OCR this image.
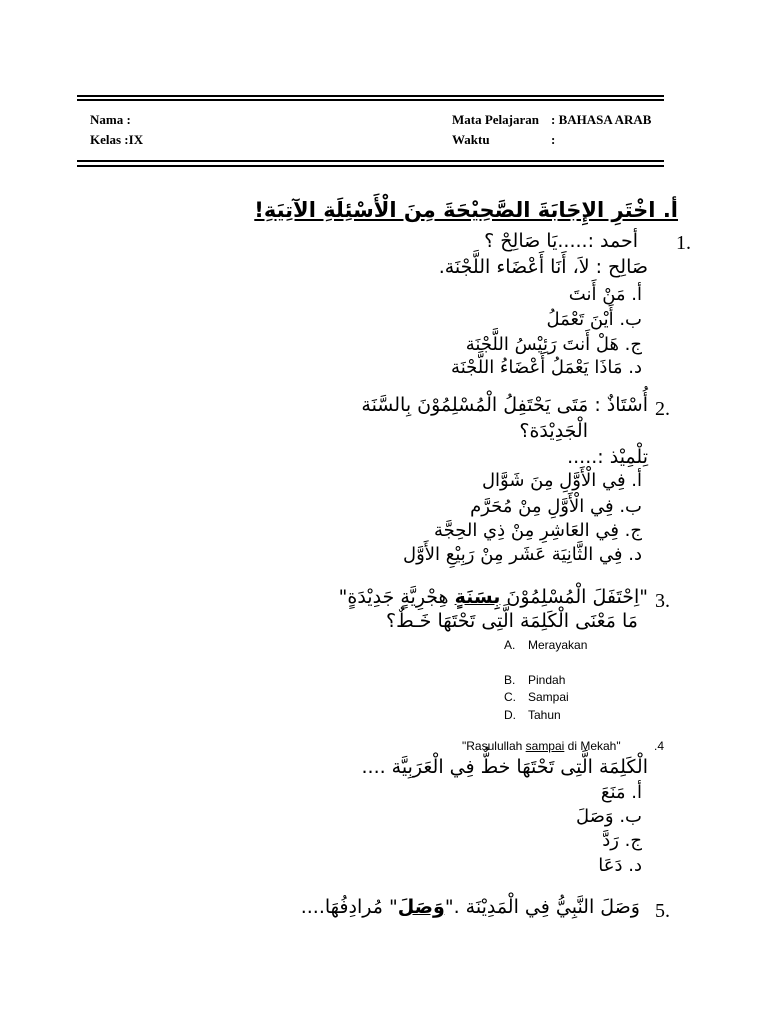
Nama :
Kelas :IX
Mata Pelajaran : BAHASA ARAB
Waktu	:
أ. اخْتَرِ الإِجَابَةَ الصَّحِيْحَةَ مِنَ الْأَسْئِلَةِ الآتِيَةِ!
1.
أحمد :.....يَا صَالِحْ ؟
صَالِح : لاَ، أَنَا أَعْضَاء اللَّجْنَة.
أ. مَنْ أَنتَ
ب. أَيْنَ تَعْمَلُ
ج. هَلْ أَنتَ رَئِيْسُ اللَّجْنَة
د. مَاذَا يَعْمَلُ أَعْضَاءُ اللَّجْنَة
2.
أُسْتَاذٌ : مَتَى يَحْتَفِلُ الْمُسْلِمُوْنَ بِالسَّنَة
الْجَدِيْدَة؟
تِلْمِيْذ :.....
أ. فِي الْأَوَّلِ مِنَ شَوَّال
ب. فِي الْأَوَّلِ مِنْ مُحَرَّم
ج. فِي العَاشِرِ مِنْ ذِي الحِجَّة
د. فِي الثَّانِيَة عَشَر مِنْ رَبِيْعِ الأَوَّل
3.
"اِحْتَفَلَ الْمُسْلِمُوْنَ بِسَنَةٍ هِجْرِيَّةٍ جَدِيْدَةٍ"
مَا مَعْنَى الْكَلِمَة الَّتِى تَحْتَهَا خَـطٌ؟
A. Merayakan
B. Pindah
C. Sampai
D. Tahun
"Rasulullah sampai di Mekah"	.4
الْكَلِمَة الَّتِى تَحْتَهَا خطٌّ فِي الْعَرَبِيَّة ....
أ. مَنَعَ
ب. وَصَلَ
ج. رَدَّ
د. دَعَا
5.
وَصَلَ النَّبِيُّ فِي الْمَدِيْنَة ."وَصَلَ" مُرادِفُهَا....
